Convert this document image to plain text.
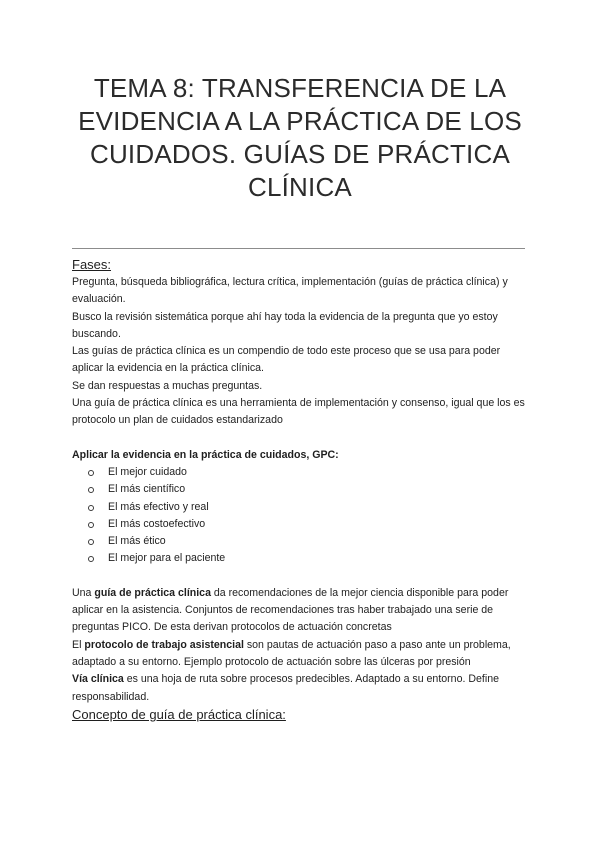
TEMA 8: TRANSFERENCIA DE LA EVIDENCIA A LA PRÁCTICA DE LOS CUIDADOS. GUÍAS DE PRÁCTICA CLÍNICA

Fases:

Pregunta, búsqueda bibliográfica, lectura crítica, implementación (guías de práctica clínica) y evaluación.

Busco la revisión sistemática porque ahí hay toda la evidencia de la pregunta que yo estoy buscando.

Las guías de práctica clínica es un compendio de todo este proceso que se usa para poder aplicar la evidencia en la práctica clínica.

Se dan respuestas a muchas preguntas.

Una guía de práctica clínica es una herramienta de implementación y consenso, igual que los es protocolo un plan de cuidados estandarizado

Aplicar la evidencia en la práctica de cuidados, GPC:

El mejor cuidado
El más científico
El más efectivo y real
El más costoefectivo
El más ético
El mejor para el paciente

Una guía de práctica clínica da recomendaciones de la mejor ciencia disponible para poder aplicar en la asistencia. Conjuntos de recomendaciones tras haber trabajado una serie de preguntas PICO. De esta derivan protocolos de actuación concretas

El protocolo de trabajo asistencial son pautas de actuación paso a paso ante un problema, adaptado a su entorno. Ejemplo protocolo de actuación sobre las úlceras por presión

Vía clínica es una hoja de ruta sobre procesos predecibles. Adaptado a su entorno. Define responsabilidad.

Concepto de guía de práctica clínica:
